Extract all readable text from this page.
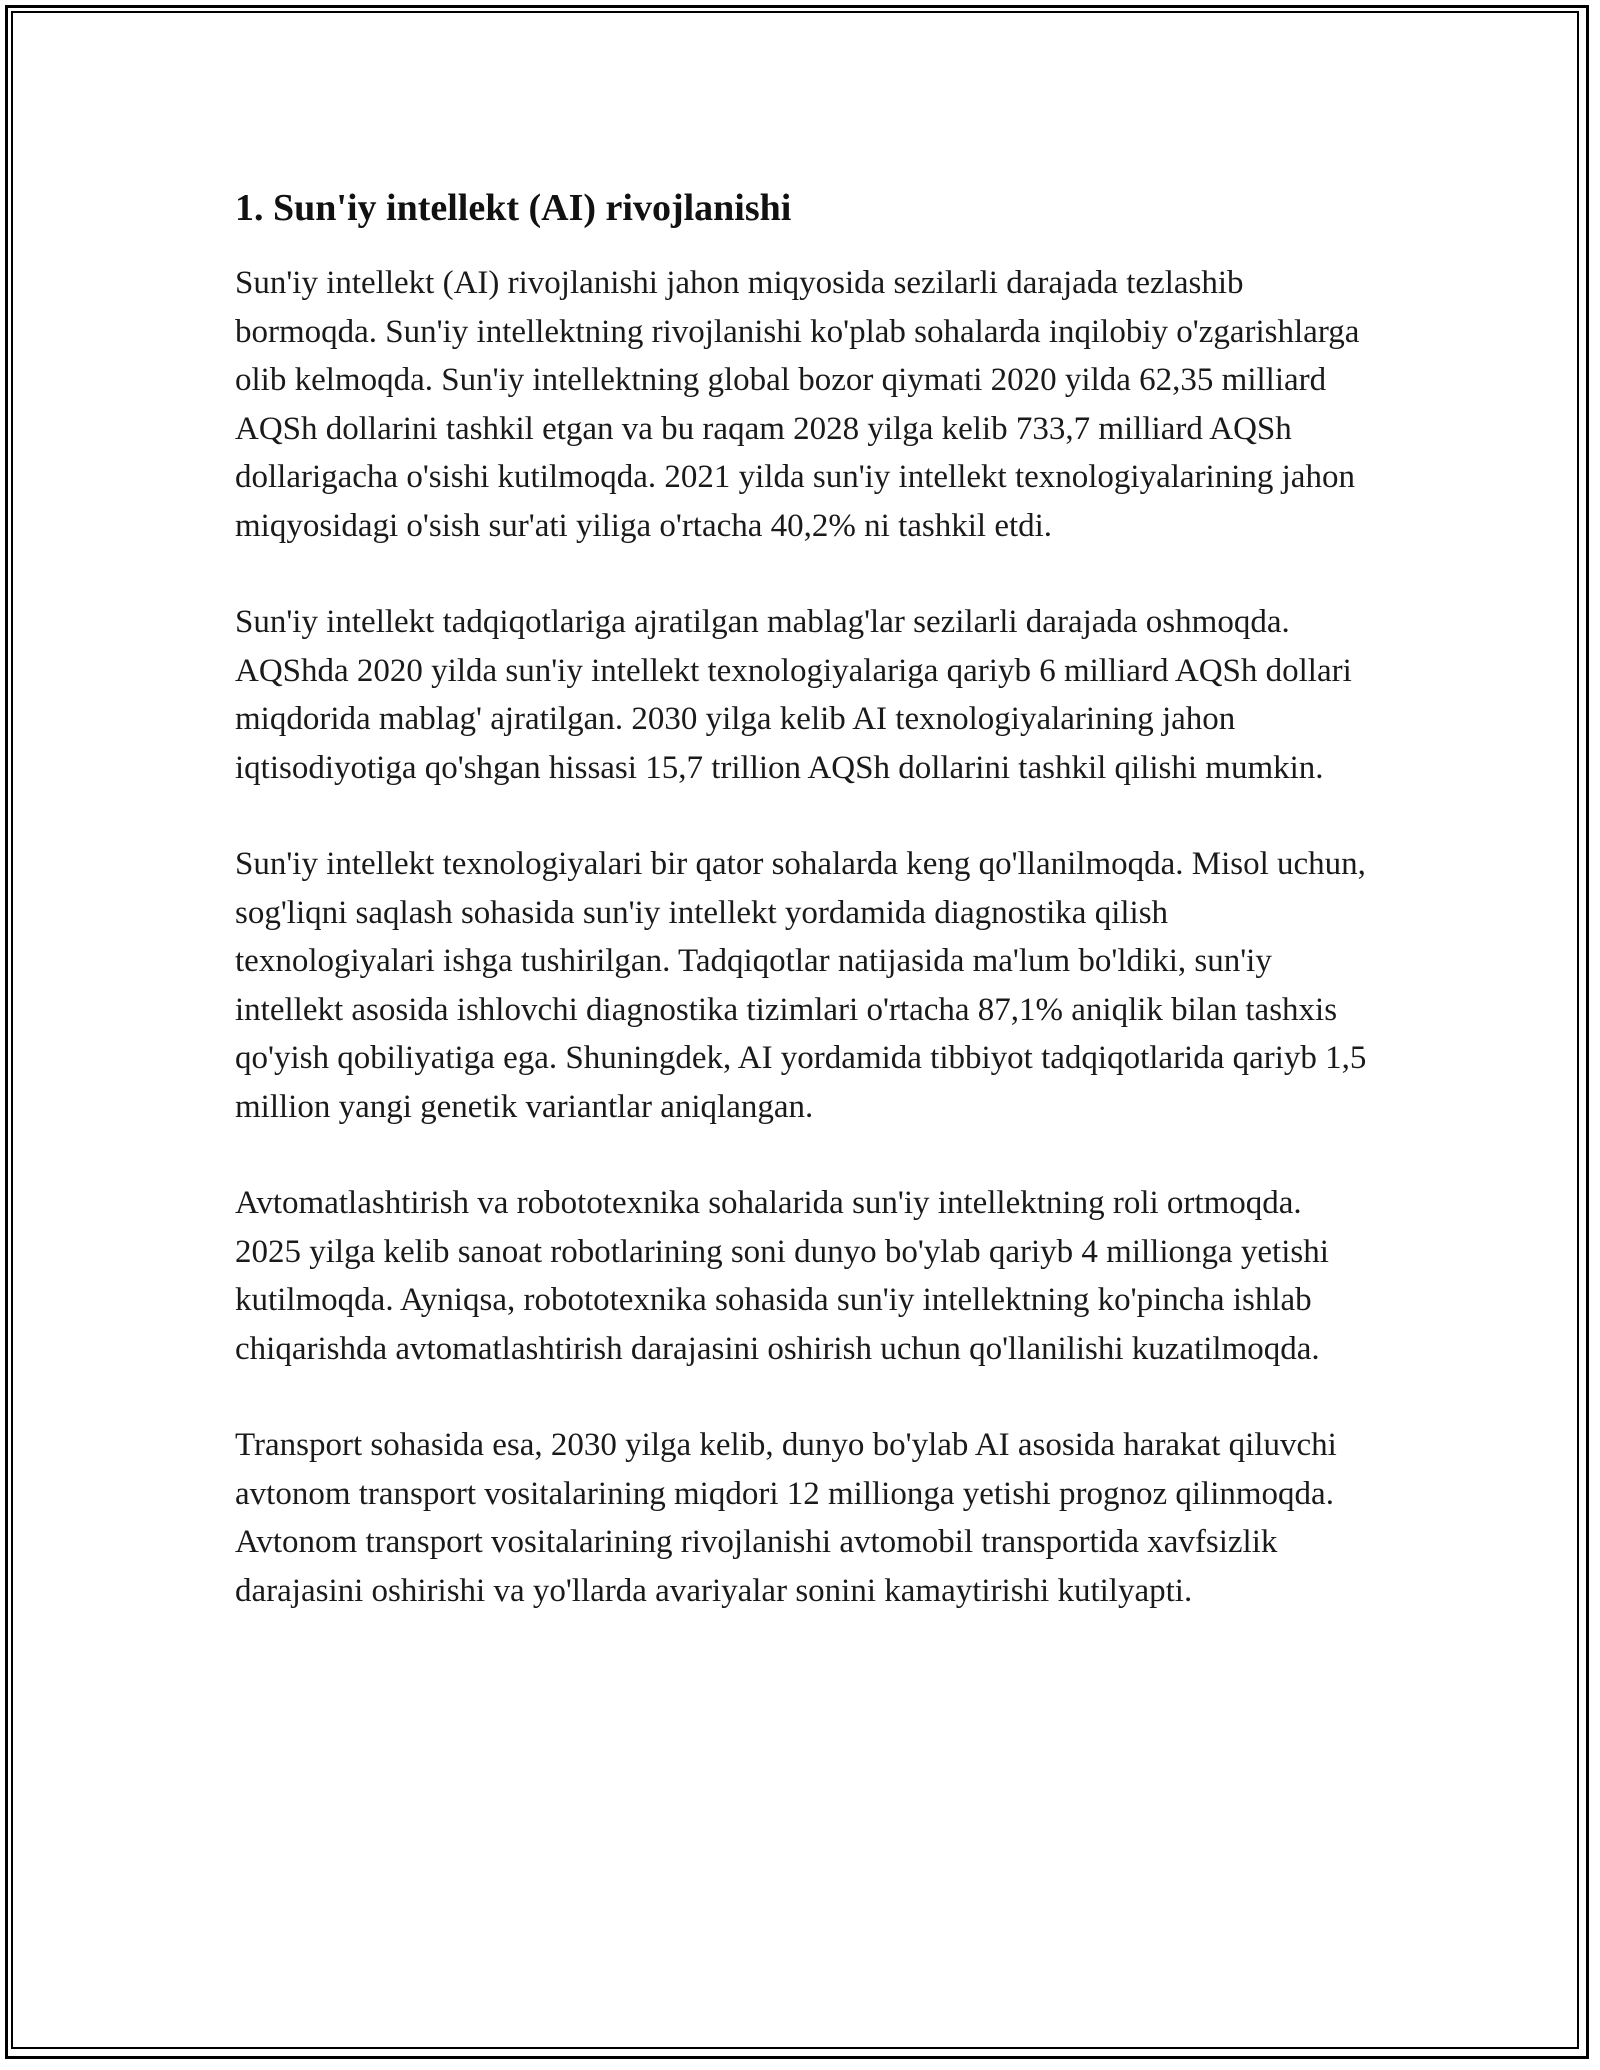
1. Sun'iy intellekt (AI) rivojlanishi

Sun'iy intellekt (AI) rivojlanishi jahon miqyosida sezilarli darajada tezlashib bormoqda. Sun'iy intellektning rivojlanishi ko'plab sohalarda inqilobiy o'zgarishlarga olib kelmoqda. Sun'iy intellektning global bozor qiymati 2020 yilda 62,35 milliard AQSh dollarini tashkil etgan va bu raqam 2028 yilga kelib 733,7 milliard AQSh dollarigacha o'sishi kutilmoqda. 2021 yilda sun'iy intellekt texnologiyalarining jahon miqyosidagi o'sish sur'ati yiliga o'rtacha 40,2% ni tashkil etdi.

Sun'iy intellekt tadqiqotlariga ajratilgan mablag'lar sezilarli darajada oshmoqda. AQShda 2020 yilda sun'iy intellekt texnologiyalariga qariyb 6 milliard AQSh dollari miqdorida mablag' ajratilgan. 2030 yilga kelib AI texnologiyalarining jahon iqtisodiyotiga qo'shgan hissasi 15,7 trillion AQSh dollarini tashkil qilishi mumkin.

Sun'iy intellekt texnologiyalari bir qator sohalarda keng qo'llanilmoqda. Misol uchun, sog'liqni saqlash sohasida sun'iy intellekt yordamida diagnostika qilish texnologiyalari ishga tushirilgan. Tadqiqotlar natijasida ma'lum bo'ldiki, sun'iy intellekt asosida ishlovchi diagnostika tizimlari o'rtacha 87,1% aniqlik bilan tashxis qo'yish qobiliyatiga ega. Shuningdek, AI yordamida tibbiyot tadqiqotlarida qariyb 1,5 million yangi genetik variantlar aniqlangan.

Avtomatlashtirish va robototexnika sohalarida sun'iy intellektning roli ortmoqda. 2025 yilga kelib sanoat robotlarining soni dunyo bo'ylab qariyb 4 millionga yetishi kutilmoqda. Ayniqsa, robototexnika sohasida sun'iy intellektning ko'pincha ishlab chiqarishda avtomatlashtirish darajasini oshirish uchun qo'llanilishi kuzatilmoqda.

Transport sohasida esa, 2030 yilga kelib, dunyo bo'ylab AI asosida harakat qiluvchi avtonom transport vositalarining miqdori 12 millionga yetishi prognoz qilinmoqda. Avtonom transport vositalarining rivojlanishi avtomobil transportida xavfsizlik darajasini oshirishi va yo'llarda avariyalar sonini kamaytirishi kutilyapti.
